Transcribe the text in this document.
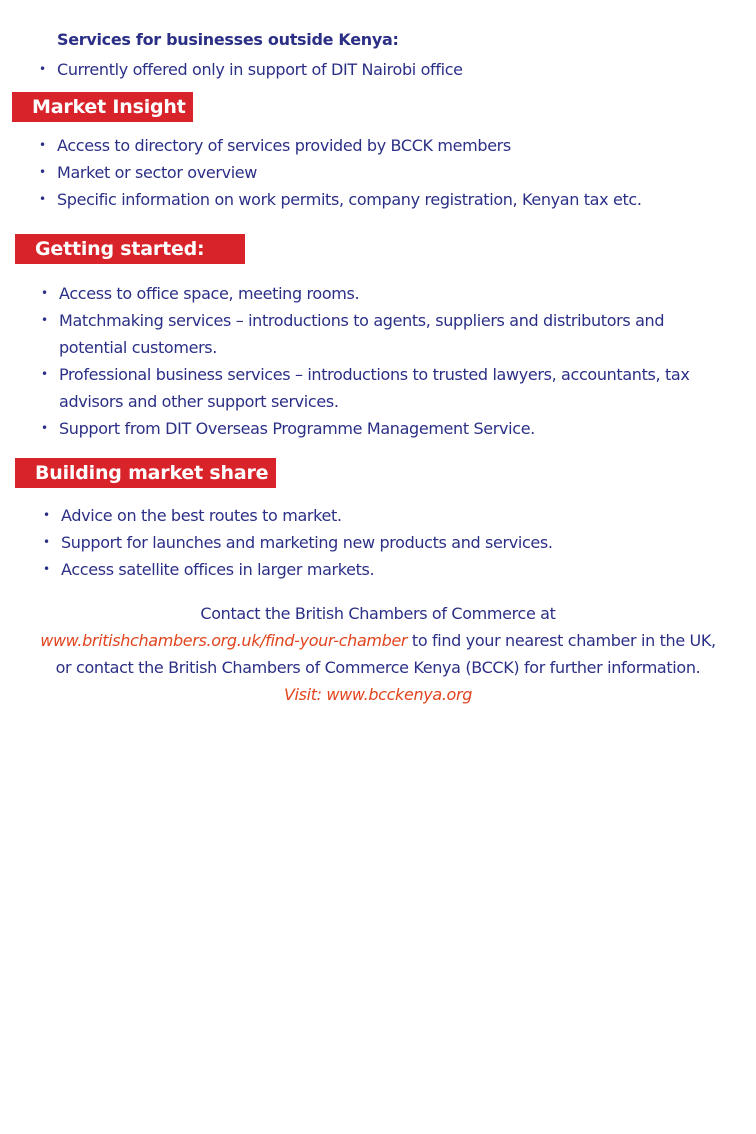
Services for businesses outside Kenya:
• Currently offered only in support of DIT Nairobi office
Market Insight
• Access to directory of services provided by BCCK members
• Market or sector overview
• Specific information on work permits, company registration, Kenyan tax etc.
Getting started:
• Access to office space, meeting rooms.
• Matchmaking services – introductions to agents, suppliers and distributors and potential customers.
• Professional business services – introductions to trusted lawyers, accountants, tax advisors and other support services.
• Support from DIT Overseas Programme Management Service.
Building market share
• Advice on the best routes to market.
• Support for launches and marketing new products and services.
• Access satellite offices in larger markets.
Contact the British Chambers of Commerce at
www.britishchambers.org.uk/find-your-chamber to find your nearest chamber in the UK,
or contact the British Chambers of Commerce Kenya (BCCK) for further information.
Visit: www.bcckenya.org
